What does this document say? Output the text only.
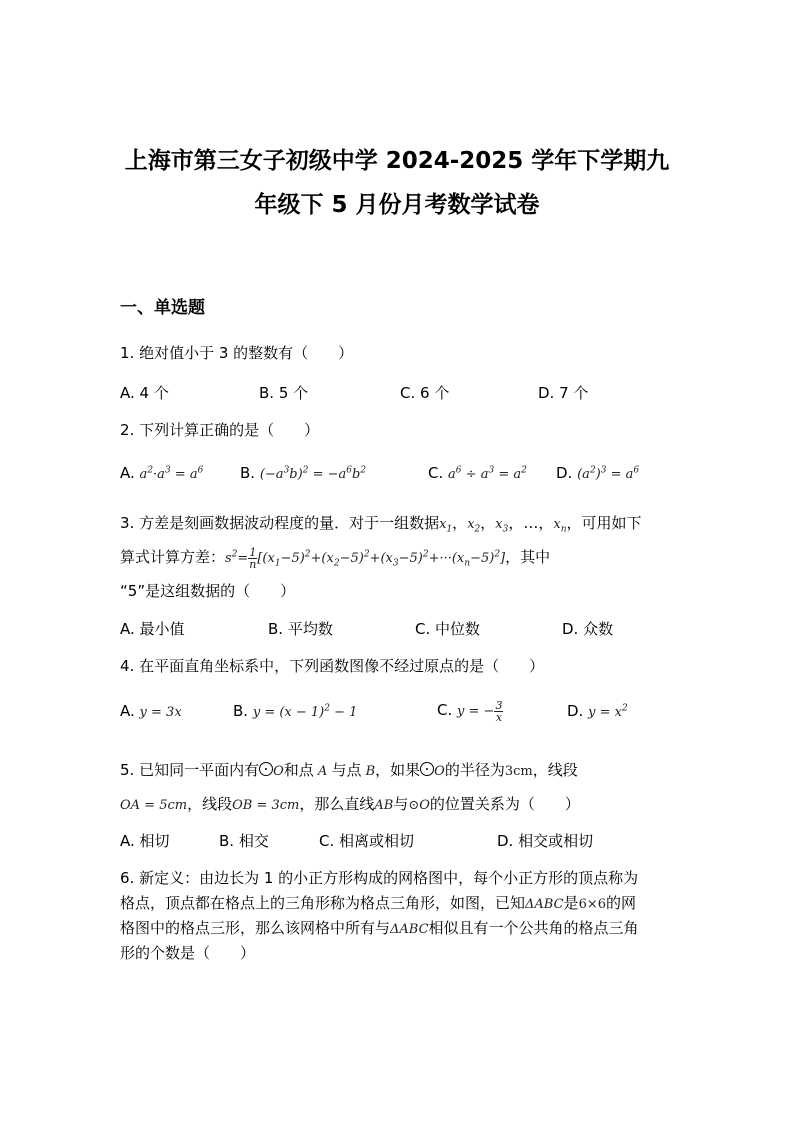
上海市第三女子初级中学 2024-2025 学年下学期九
年级下 5 月份月考数学试卷
一、单选题
1. 绝对值小于 3 的整数有（　　）
A. 4 个	B. 5 个	C. 6 个	D. 7 个
2. 下列计算正确的是（　　）
A. $a^2\cdot a^3 = a^6$ B. $(-a^3b)^2 = -a^6b^2$	C. $a^6 \div a^3 = a^2$ D. $(a^2)^3 = a^6$
3. 方差是刻画数据波动程度的量．对于一组数据$x_1$，$x_2$，$x_3$，…，$x_n$，可用如下
算式计算方差：$s^2= \frac{1}{n} [(x_1-5)^2+(x_2-5)^2+(x_3-5)^2+\cdot\cdot\cdot(x_n-5)^2]$，其中
“5”是这组数据的（　　）
A. 最小值	B. 平均数	C. 中位数	D. 众数
4. 在平面直角坐标系中，下列函数图像不经过原点的是（　　）
A. y = 3x	B. $y = (x - 1)^2 - 1$	C. y = − $\frac{3}{x}$	D. $y = x^2$
5. 已知同一平面内有 O和点 A 与点 B，如果 O的半径为3cm，线段
OA = 5cm，线段OB = 3cm，那么直线AB与⊙O的位置关系为（　　）
A. 相切	B. 相交	C. 相离或相切	D. 相交或相切
6. 新定义：由边长为 1 的小正方形构成的网格图中，每个小正方形的顶点称为
格点，顶点都在格点上的三角形称为格点三角形，如图，已知ΔABC是6×6的网
格图中的格点三形，那么该网格中所有与ΔABC相似且有一个公共角的格点三角
形的个数是（　　）
